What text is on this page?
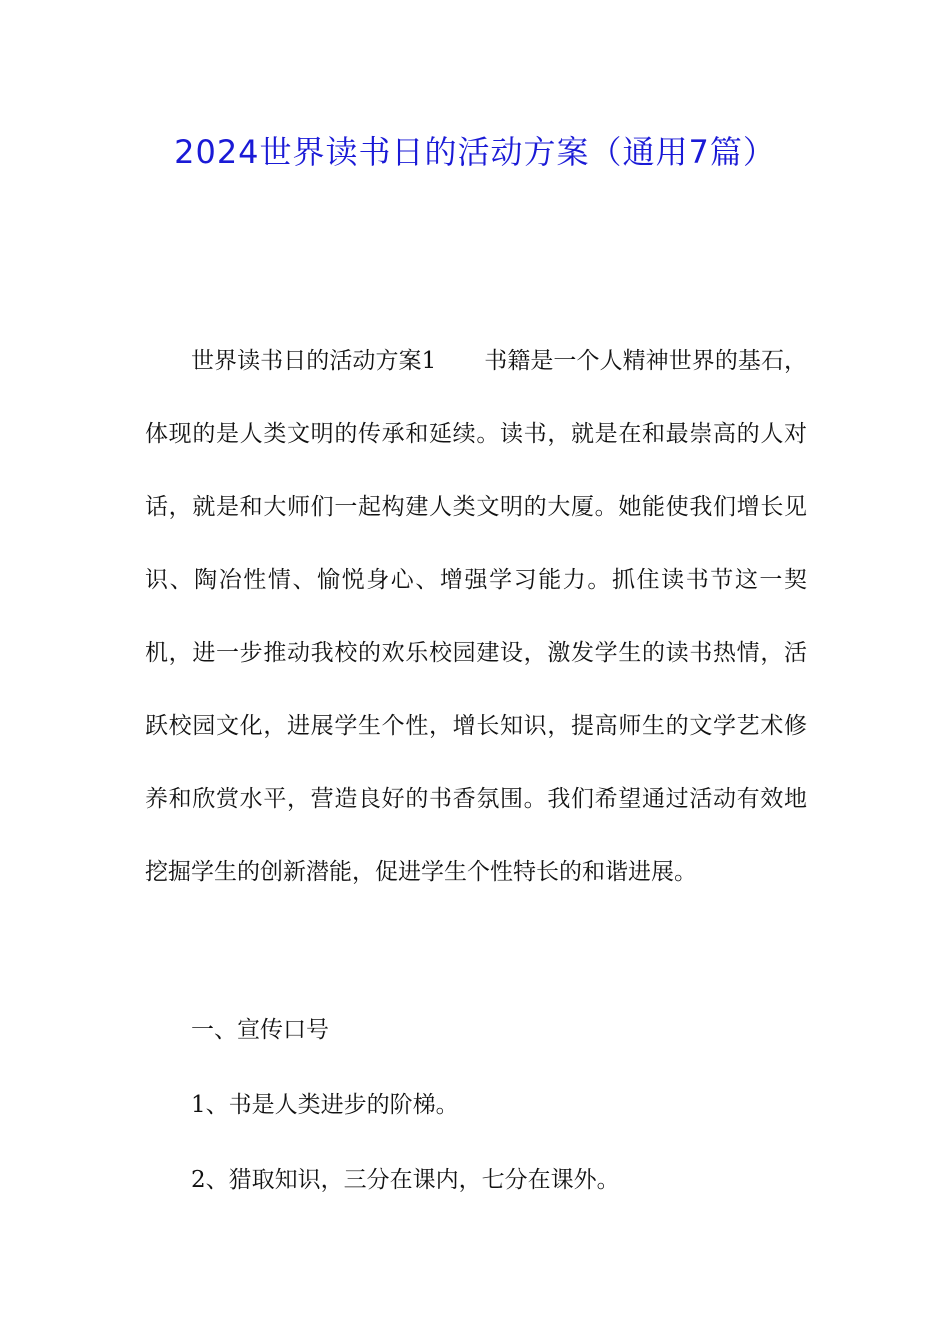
2024世界读书日的活动方案（通用7篇）
世界读书日的活动方案1 书籍是一个人精神世界的基石，体现的是人类文明的传承和延续。读书，就是在和最崇高的人对话，就是和大师们一起构建人类文明的大厦。她能使我们增长见识、陶冶性情、愉悦身心、增强学习能力。抓住读书节这一契机，进一步推动我校的欢乐校园建设，激发学生的读书热情，活跃校园文化，进展学生个性，增长知识，提高师生的文学艺术修养和欣赏水平，营造良好的书香氛围。我们希望通过活动有效地挖掘学生的创新潜能，促进学生个性特长的和谐进展。
一、宣传口号
1、书是人类进步的阶梯。
2、猎取知识，三分在课内，七分在课外。
